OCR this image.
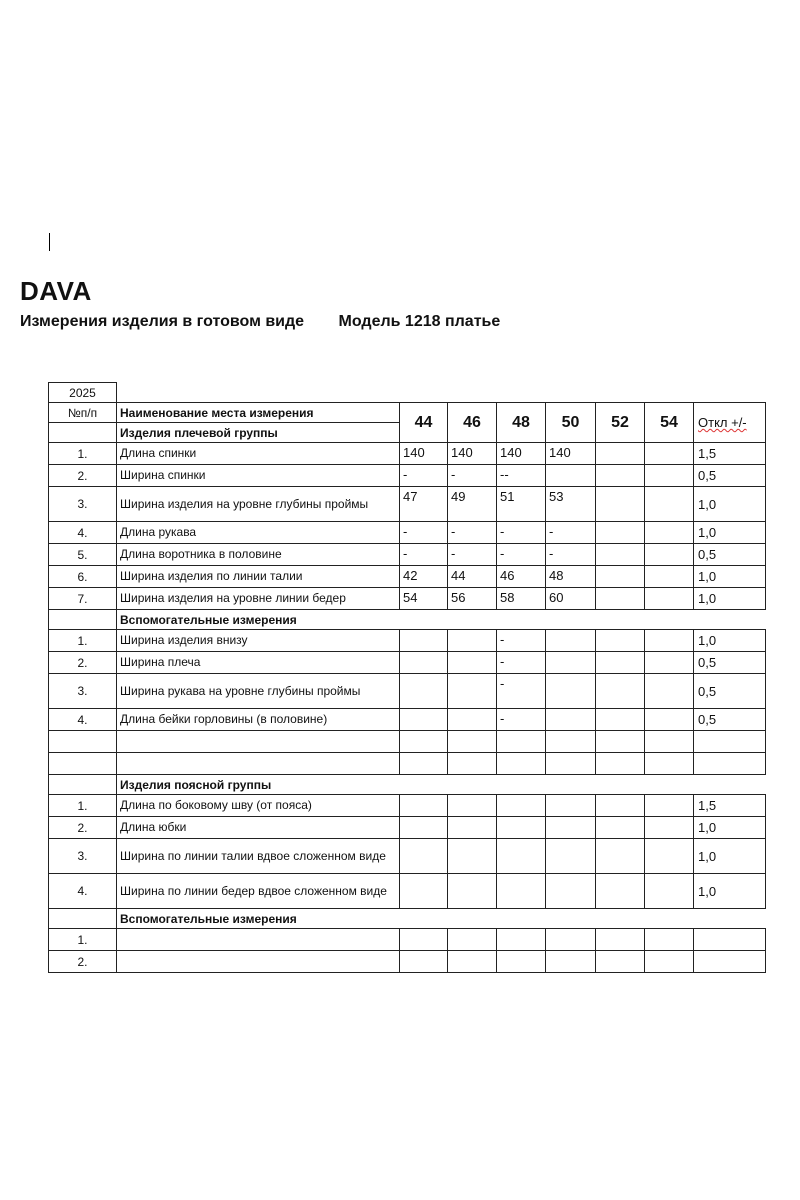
DAVA
Измерения изделия в готовом виде Модель 1218 платье
2025									
№п/п	Наименование места измерения	44	46	48	50	52	54	Откл +/-	
	Изделия плечевой группы								
1.	Длина спинки	140	140	140	140			1,5	
2.	Ширина спинки	-	-	--				0,5	
3.	Ширина изделия на уровне глубины проймы	47	49	51	53			1,0	
4.	Длина рукава	-	-	-	-			1,0	
5.	Длина воротника в половине	-	-	-	-			0,5	
6.	Ширина изделия по линии талии	42	44	46	48			1,0	
7.	Ширина изделия на уровне линии бедер	54	56	58	60			1,0	
	Вспомогательные измерения								
1.	Ширина изделия внизу			-				1,0	
2.	Ширина плеча			-				0,5	
3.	Ширина рукава на уровне глубины проймы			-				0,5	
4.	Длина бейки горловины (в половине)			-				0,5	

	Изделия поясной группы								
1.	Длина по боковому шву (от пояса)							1,5	
2.	Длина юбки							1,0	
3.	Ширина по линии талии вдвое сложенном виде							1,0	
4.	Ширина по линии бедер вдвое сложенном виде							1,0	
	Вспомогательные измерения								
1.									
2.									
